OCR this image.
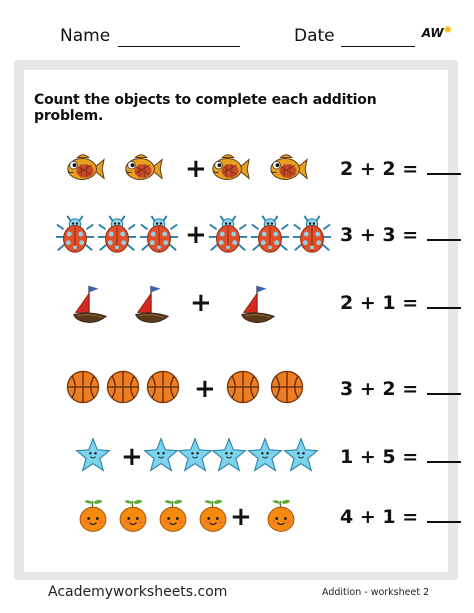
Name	Date	AW✺
Count the objects to complete each addition problem.
+	2 + 2 =
+	3 + 3 =
+	2 + 1 =
+	3 + 2 =
+	1 + 5 =
+	4 + 1 =
Academyworksheets.com	Addition - worksheet 2
